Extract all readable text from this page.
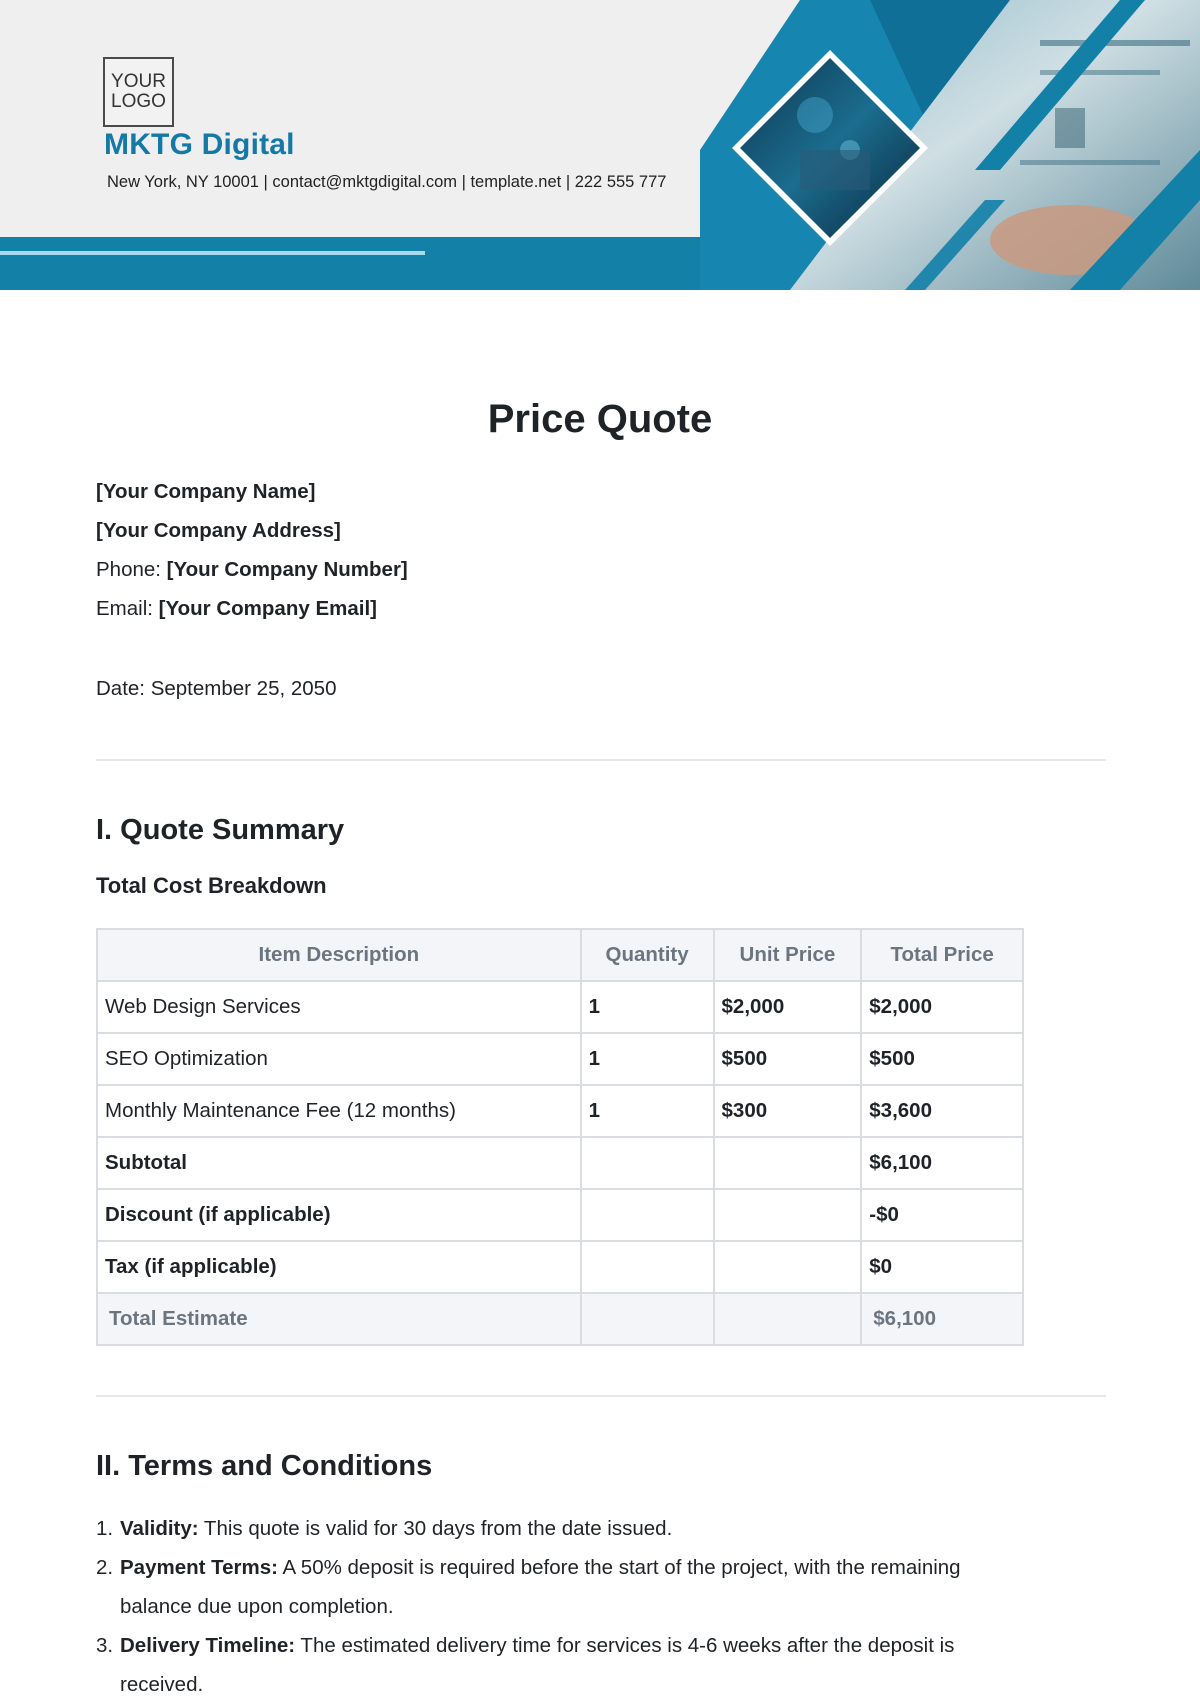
YOUR
LOGO
MKTG Digital
New York, NY 10001 | contact@mktgdigital.com | template.net | 222 555 777
Price Quote
[Your Company Name]
[Your Company Address]
Phone: [Your Company Number]
Email: [Your Company Email]
Date: September 25, 2050
I. Quote Summary
Total Cost Breakdown
Item Description	Quantity	Unit Price	Total Price
Web Design Services	1	$2,000	$2,000
SEO Optimization	1	$500	$500
Monthly Maintenance Fee (12 months)	1	$300	$3,600
Subtotal			$6,100
Discount (if applicable)			-$0
Tax (if applicable)			$0
Total Estimate			$6,100
II. Terms and Conditions
1. Validity: This quote is valid for 30 days from the date issued.
2. Payment Terms: A 50% deposit is required before the start of the project, with the remaining balance due upon completion.
3. Delivery Timeline: The estimated delivery time for services is 4-6 weeks after the deposit is received.
